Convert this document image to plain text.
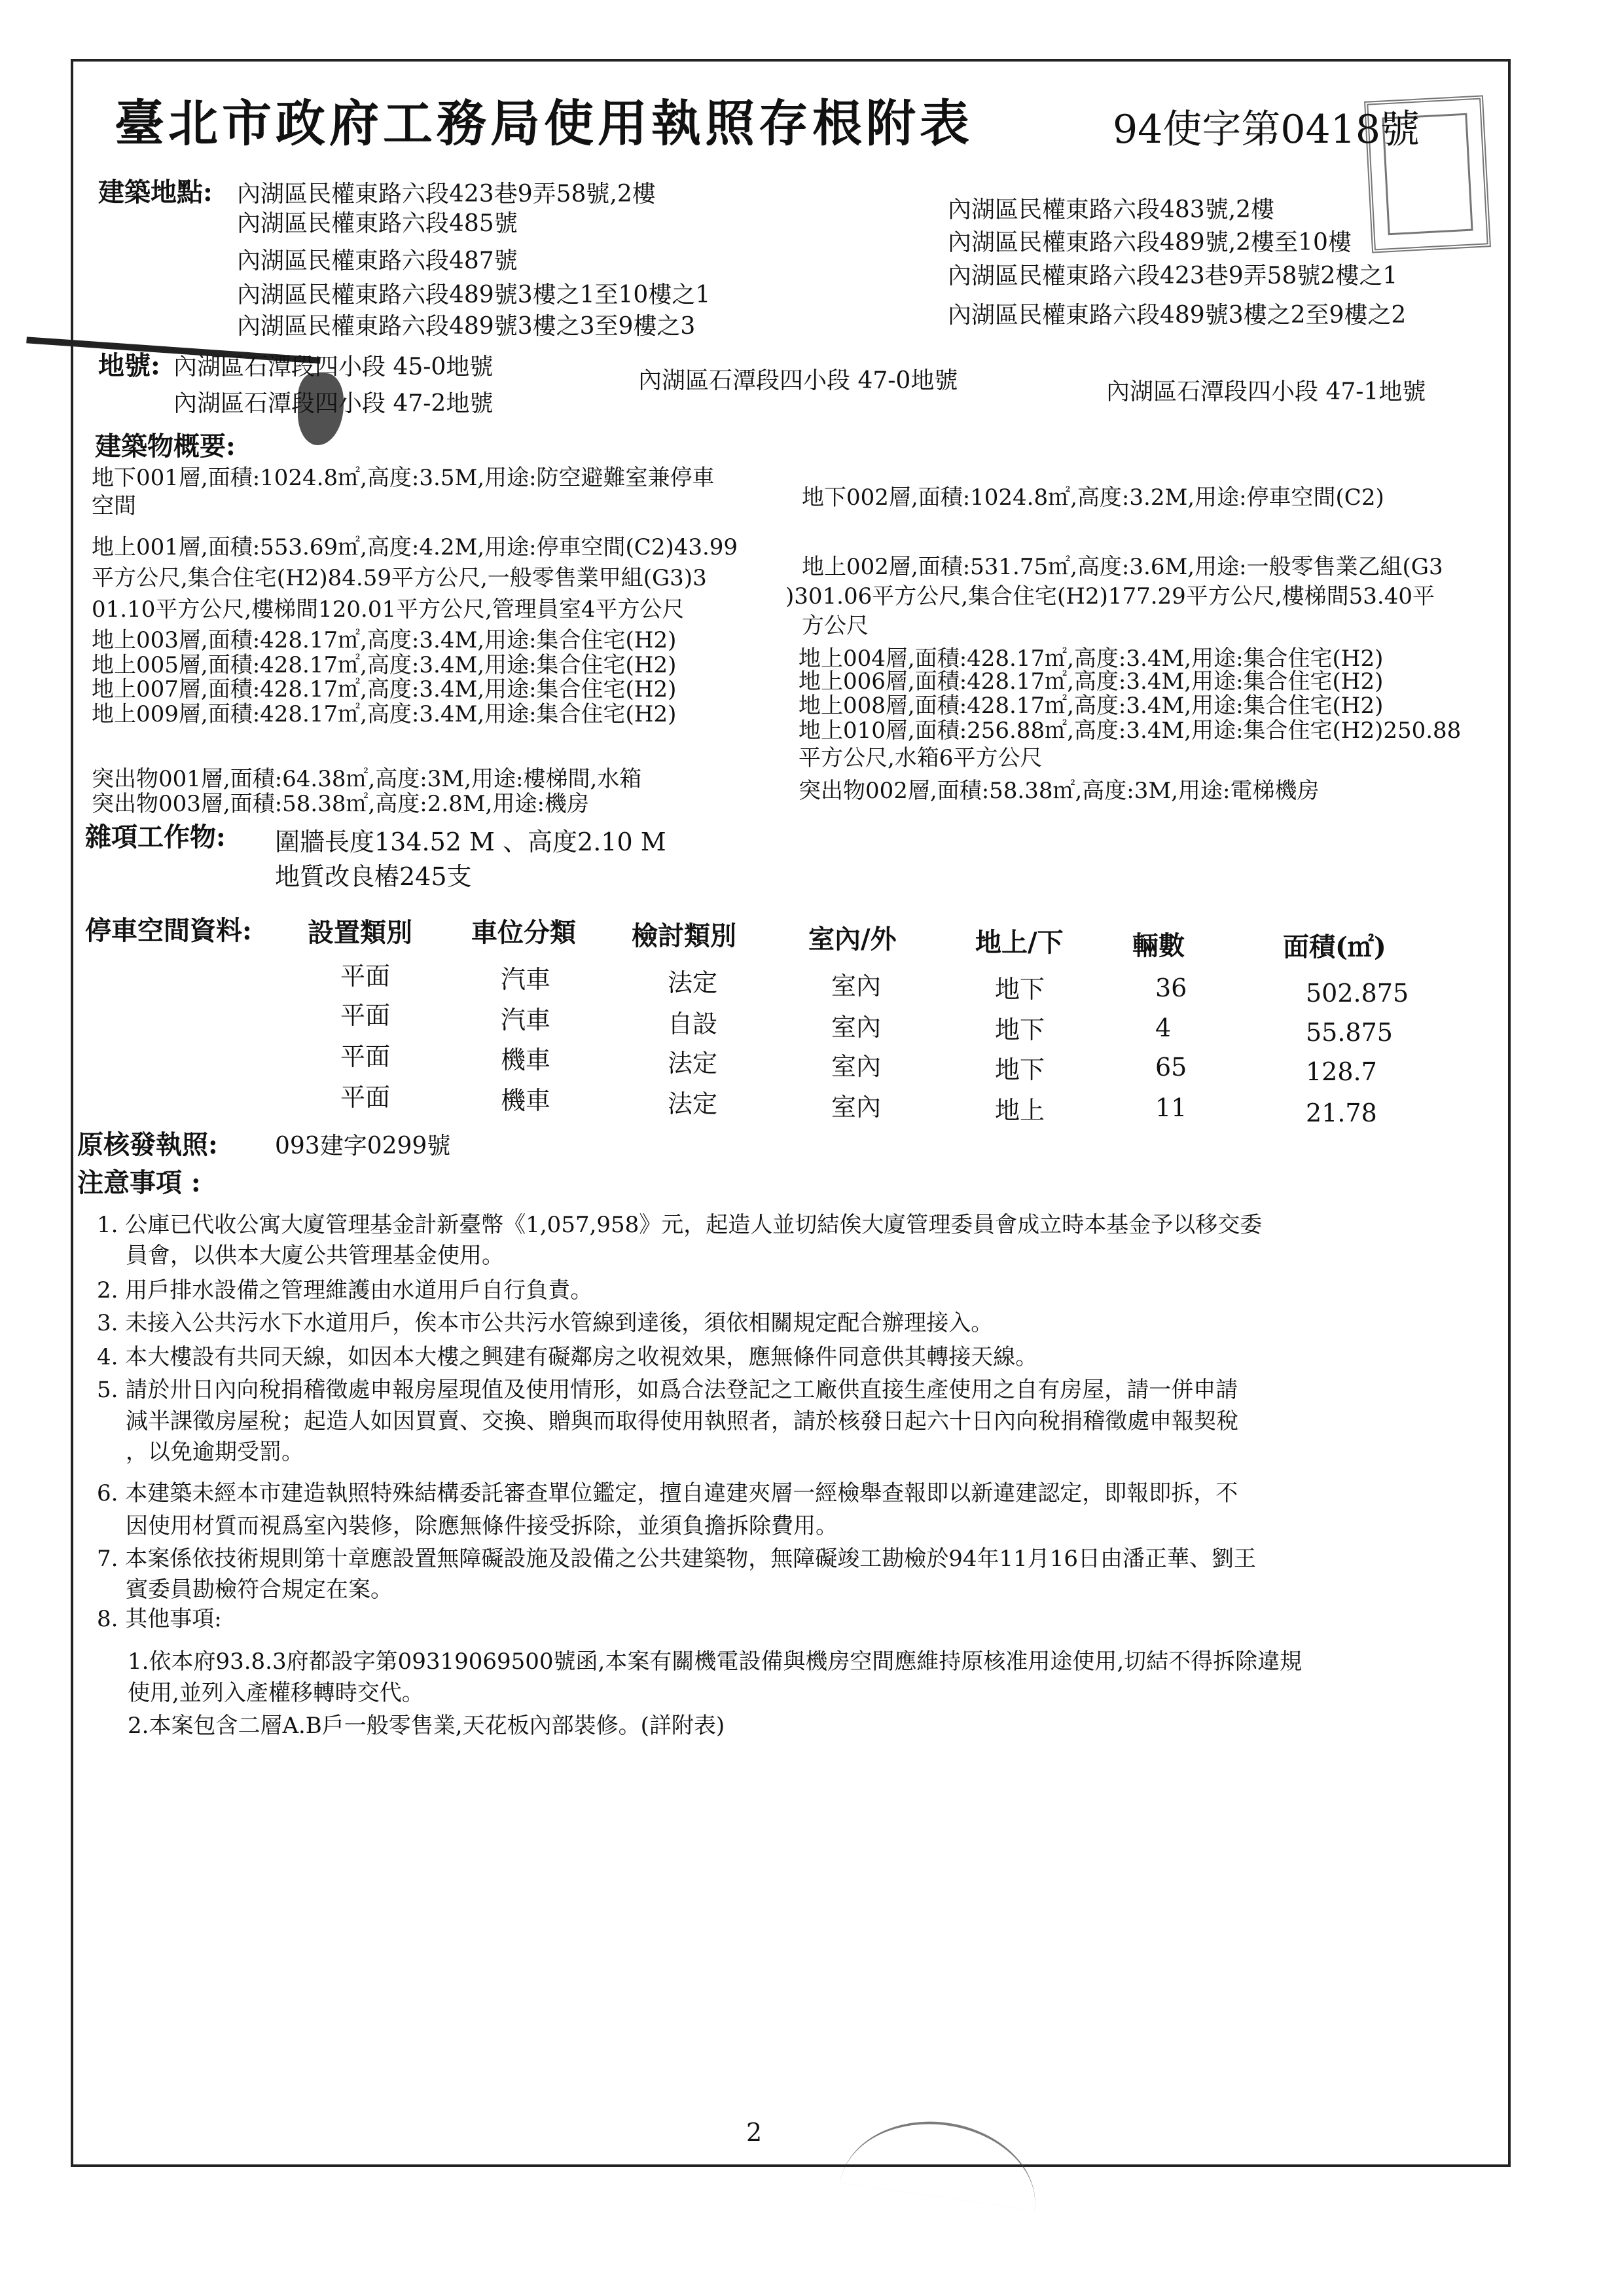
臺北市政府工務局使用執照存根附表	94使字第0418號
建築地點: 內湖區民權東路六段423巷9弄58號,2樓
內湖區民權東路六段485號
內湖區民權東路六段487號
內湖區民權東路六段489號3樓之1至10樓之1
內湖區民權東路六段489號3樓之3至9樓之3
內湖區民權東路六段483號,2樓
內湖區民權東路六段489號,2樓至10樓
內湖區民權東路六段423巷9弄58號2樓之1
內湖區民權東路六段489號3樓之2至9樓之2
地號: 內湖區石潭段四小段 45-0地號
內湖區石潭段四小段 47-0地號	內湖區石潭段四小段 47-1地號
內湖區石潭段四小段 47-2地號
建築物概要:
地下001層,面積:1024.8㎡,高度:3.5M,用途:防空避難室兼停車
空間	地下002層,面積:1024.8㎡,高度:3.2M,用途:停車空間(C2)
地上001層,面積:553.69㎡,高度:4.2M,用途:停車空間(C2)43.99
平方公尺,集合住宅(H2)84.59平方公尺,一般零售業甲組(G3)3
01.10平方公尺,樓梯間120.01平方公尺,管理員室4平方公尺
地上002層,面積:531.75㎡,高度:3.6M,用途:一般零售業乙組(G3
)301.06平方公尺,集合住宅(H2)177.29平方公尺,樓梯間53.40平
方公尺
地上003層,面積:428.17㎡,高度:3.4M,用途:集合住宅(H2)
地上005層,面積:428.17㎡,高度:3.4M,用途:集合住宅(H2)
地上007層,面積:428.17㎡,高度:3.4M,用途:集合住宅(H2)
地上009層,面積:428.17㎡,高度:3.4M,用途:集合住宅(H2)
地上004層,面積:428.17㎡,高度:3.4M,用途:集合住宅(H2)
地上006層,面積:428.17㎡,高度:3.4M,用途:集合住宅(H2)
地上008層,面積:428.17㎡,高度:3.4M,用途:集合住宅(H2)
地上010層,面積:256.88㎡,高度:3.4M,用途:集合住宅(H2)250.88
平方公尺,水箱6平方公尺
突出物001層,面積:64.38㎡,高度:3M,用途:樓梯間,水箱
突出物003層,面積:58.38㎡,高度:2.8M,用途:機房	突出物002層,面積:58.38㎡,高度:3M,用途:電梯機房
雜項工作物: 圍牆長度134.52 M 、高度2.10 M
地質改良樁245支
停車空間資料: 設置類別 車位分類 檢討類別	室內/外	地上/下	輛數	面積(㎡)
平面	汽車	法定	室內	地下	36	502.875
平面	汽車	自設	室內	地下	4	55.875
平面	機車	法定	室內	地下	65	128.7
平面	機車	法定	室內	地上	11	21.78
原核發執照: 093建字0299號
注意事項 :
1. 公庫已代收公寓大廈管理基金計新臺幣《1,057,958》元，起造人並切結俟大廈管理委員會成立時本基金予以移交委
員會，以供本大廈公共管理基金使用。
2. 用戶排水設備之管理維護由水道用戶自行負責。
3. 未接入公共污水下水道用戶，俟本市公共污水管線到達後，須依相關規定配合辦理接入。
4. 本大樓設有共同天線，如因本大樓之興建有礙鄰房之收視效果，應無條件同意供其轉接天線。
5. 請於卅日內向稅捐稽徵處申報房屋現值及使用情形，如爲合法登記之工廠供直接生產使用之自有房屋，請一併申請
減半課徵房屋稅；起造人如因買賣、交換、贈與而取得使用執照者，請於核發日起六十日內向稅捐稽徵處申報契稅
，以免逾期受罰。
6. 本建築未經本市建造執照特殊結構委託審查單位鑑定，擅自違建夾層一經檢舉查報即以新違建認定，即報即拆，不
因使用材質而視爲室內裝修，除應無條件接受拆除，並須負擔拆除費用。
7. 本案係依技術規則第十章應設置無障礙設施及設備之公共建築物，無障礙竣工勘檢於94年11月16日由潘正華、劉王
賓委員勘檢符合規定在案。
8. 其他事項:
1.依本府93.8.3府都設字第09319069500號函,本案有關機電設備與機房空間應維持原核准用途使用,切結不得拆除違規
使用,並列入產權移轉時交代。
2.本案包含二層A.B戶一般零售業,天花板內部裝修。(詳附表)
2
